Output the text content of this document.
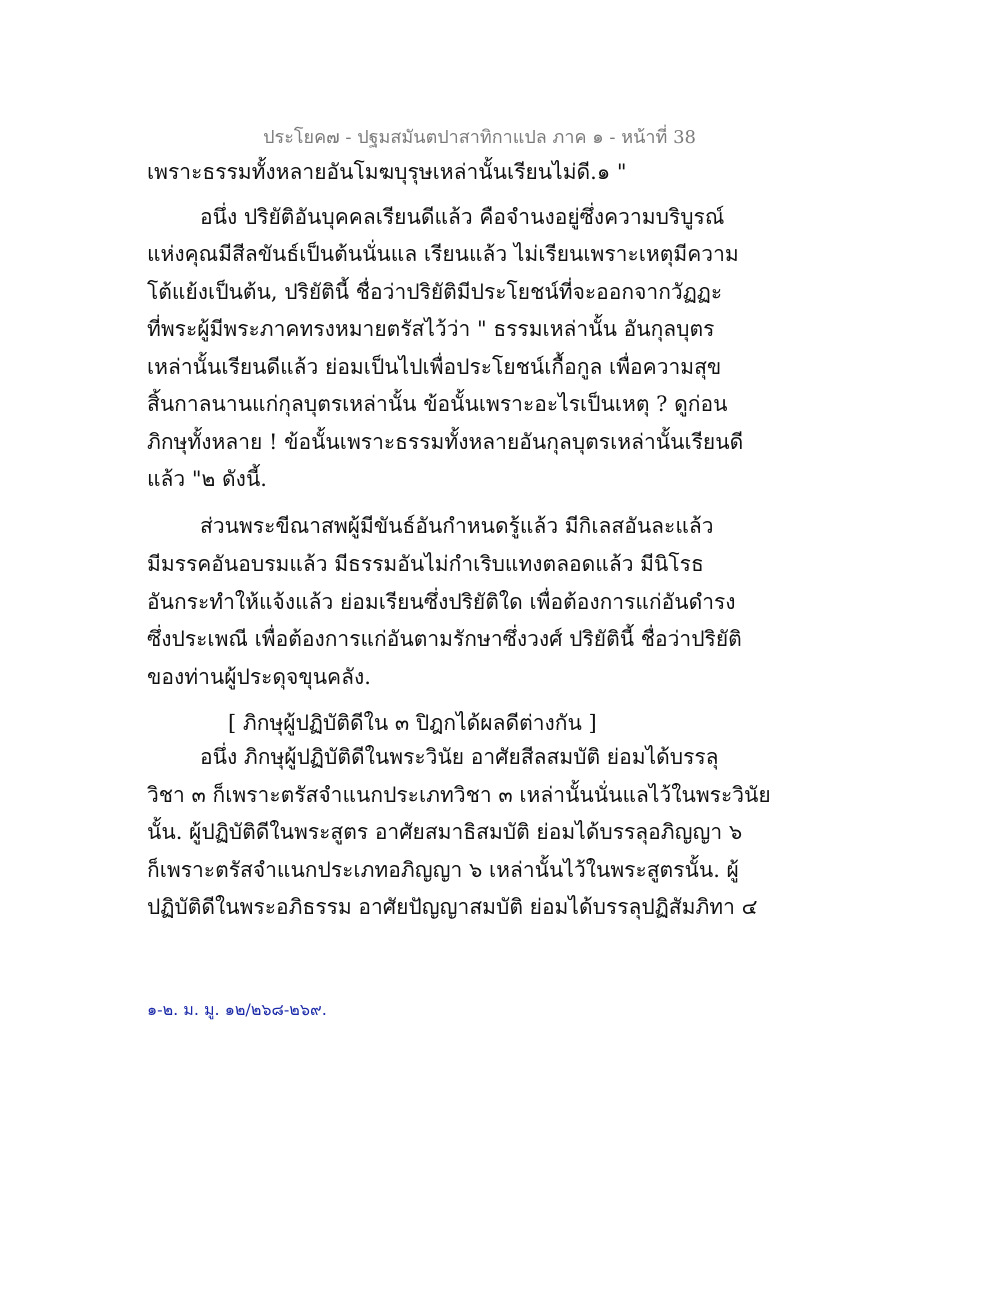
ประโยค๗ - ปฐมสมันตปาสาทิกาแปล ภาค ๑ - หน้าที่ 38
เพราะธรรมทั้งหลายอันโมฆบุรุษเหล่านั้นเรียนไม่ดี.๑ "
อนึ่ง ปริยัติอันบุคคลเรียนดีแล้ว คือจำนงอยู่ซึ่งความบริบูรณ์
แห่งคุณมีสีลขันธ์เป็นต้นนั่นแล เรียนแล้ว ไม่เรียนเพราะเหตุมีความ
โต้แย้งเป็นต้น, ปริยัตินี้ ชื่อว่าปริยัติมีประโยชน์ที่จะออกจากวัฏฏะ
ที่พระผู้มีพระภาคทรงหมายตรัสไว้ว่า " ธรรมเหล่านั้น อันกุลบุตร
เหล่านั้นเรียนดีแล้ว ย่อมเป็นไปเพื่อประโยชน์เกื้อกูล เพื่อความสุข
สิ้นกาลนานแก่กุลบุตรเหล่านั้น ข้อนั้นเพราะอะไรเป็นเหตุ ? ดูก่อน
ภิกษุทั้งหลาย ! ข้อนั้นเพราะธรรมทั้งหลายอันกุลบุตรเหล่านั้นเรียนดี
แล้ว "๒ ดังนี้.
ส่วนพระขีณาสพผู้มีขันธ์อันกำหนดรู้แล้ว มีกิเลสอันละแล้ว
มีมรรคอันอบรมแล้ว มีธรรมอันไม่กำเริบแทงตลอดแล้ว มีนิโรธ
อันกระทำให้แจ้งแล้ว ย่อมเรียนซึ่งปริยัติใด เพื่อต้องการแก่อันดำรง
ซึ่งประเพณี เพื่อต้องการแก่อันตามรักษาซึ่งวงศ์ ปริยัตินี้ ชื่อว่าปริยัติ
ของท่านผู้ประดุจขุนคลัง.
[ ภิกษุผู้ปฏิบัติดีใน ๓ ปิฎกได้ผลดีต่างกัน ]
อนึ่ง ภิกษุผู้ปฏิบัติดีในพระวินัย อาศัยสีลสมบัติ ย่อมได้บรรลุ
วิชา ๓ ก็เพราะตรัสจำแนกประเภทวิชา ๓ เหล่านั้นนั่นแลไว้ในพระวินัย
นั้น. ผู้ปฏิบัติดีในพระสูตร อาศัยสมาธิสมบัติ ย่อมได้บรรลุอภิญญา ๖
ก็เพราะตรัสจำแนกประเภทอภิญญา ๖ เหล่านั้นไว้ในพระสูตรนั้น. ผู้
ปฏิบัติดีในพระอภิธรรม อาศัยปัญญาสมบัติ ย่อมได้บรรลุปฏิสัมภิทา ๔
๑-๒. ม. มู. ๑๒/๒๖๘-๒๖๙.
